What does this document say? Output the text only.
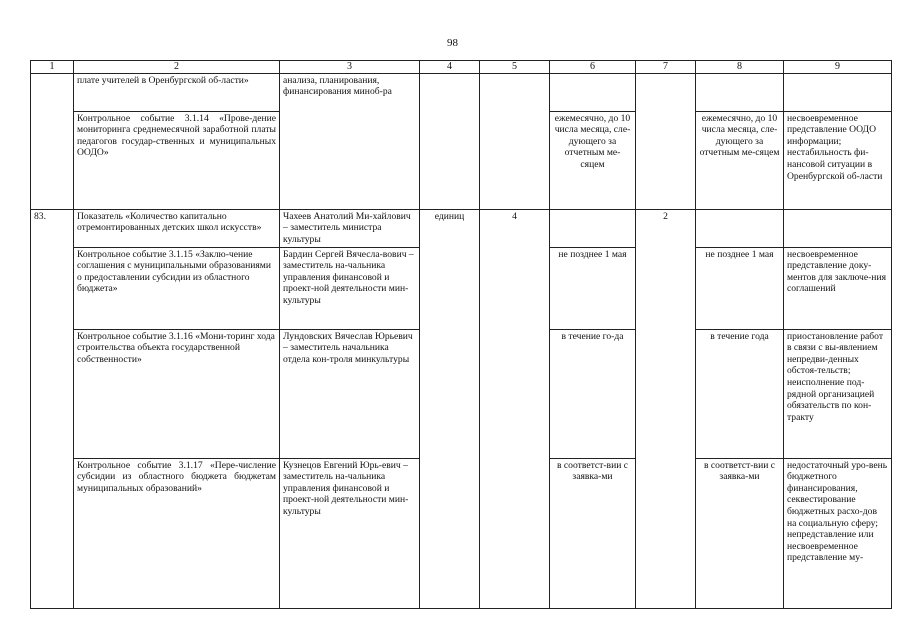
98
1	2	3	4	5	6	7	8	9

	плате учителей в Оренбургской об-ласти»	анализа, планирования, финансирования миноб-ра						

	Контрольное событие 3.1.14 «Прове-дение мониторинга среднемесячной заработной платы педагогов государ-ственных и муниципальных ООДО»				ежемесячно, до 10 числа месяца, сле-дующего за отчетным ме-сяцем		ежемесячно, до 10 числа месяца, сле-дующего за отчетным ме-сяцем	несвоевременное представление ООДО информации; нестабильность фи-нансовой ситуации в Оренбургской об-ласти

83.	Показатель «Количество капитально отремонтированных детских школ искусств»	Чахеев Анатолий Ми-хайлович – заместитель министра культуры	единиц	4		2		

	Контрольное событие 3.1.15 «Заклю-чение соглашения с муниципальными образованиями о предоставлении субсидии из областного бюджета»	Бардин Сергей Вячесла-вович – заместитель на-чальника управления финансовой и проект-ной деятельности мин-культуры			не позднее 1 мая		не позднее 1 мая	несвоевременное представление доку-ментов для заключе-ния соглашений

	Контрольное событие 3.1.16 «Мони-торинг хода строительства объекта государственной собственности»	Лундовских Вячеслав Юрьевич – заместитель начальника отдела кон-троля минкультуры			в течение го-да		в течение года	приостановление работ в связи с вы-явлением непредви-денных обстоя-тельств; неисполнение под-рядной организацией обязательств по кон-тракту

	Контрольное событие 3.1.17 «Пере-числение субсидии из областного бюджета бюджетам муниципальных образований»	Кузнецов Евгений Юрь-евич – заместитель на-чальника управления финансовой и проект-ной деятельности мин-культуры			в соответст-вии с заявка-ми		в соответст-вии с заявка-ми	недостаточный уро-вень бюджетного финансирования, секвестирование бюджетных расхо-дов на социальную сферу; непредставление или несвоевременное представление му-
